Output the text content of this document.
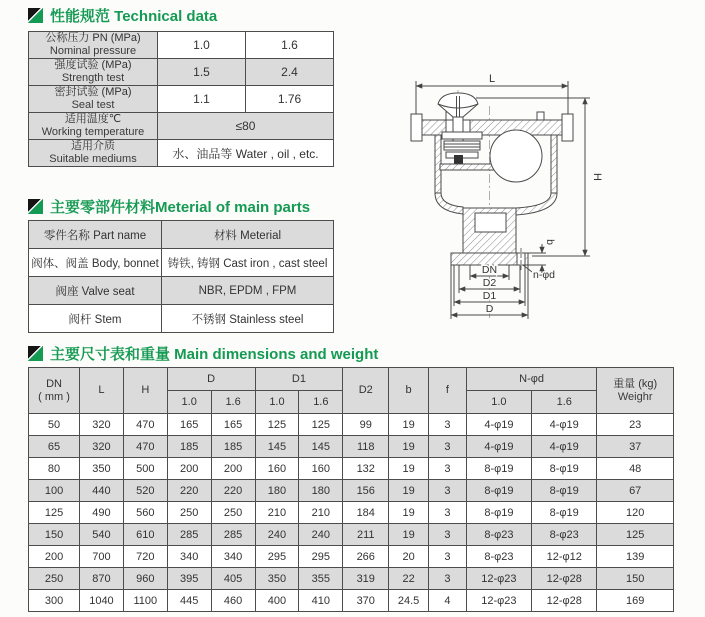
性能规范 Technical data
公称压力 PN (MPa)
Nominal pressure	1.0	1.6

强度试验 (MPa)
Strength test	1.5	2.4

密封试验 (MPa)
Seal test	1.1	1.76

适用温度℃
Working temperature	≤80	

适用介质
Suitable mediums	水、油品等 Water , oil , etc.	
主要零部件材料Meterial of main parts
零件名称 Part name	材料 Meterial
阀体、阀盖 Body, bonnet	铸铁, 铸钢 Cast iron , cast steel
阀座 Valve seat	NBR, EPDM , FPM
阀杆 Stem	不锈钢 Stainless steel
主要尺寸表和重量 Main dimensions and weight
DN
( mm )
	L	H	D	D1	D2	b	f	N-φd	重量 (kg)
Weighr

			1.0	1.6	1.0	1.6				1.0	1.6	
50	320	470	165	165	125	125	99	19	3	4-φ19	4-φ19	23
65	320	470	185	185	145	145	118	19	3	4-φ19	4-φ19	37
80	350	500	200	200	160	160	132	19	3	8-φ19	8-φ19	48
100	440	520	220	220	180	180	156	19	3	8-φ19	8-φ19	67
125	490	560	250	250	210	210	184	19	3	8-φ19	8-φ19	120
150	540	610	285	285	240	240	211	19	3	8-φ23	8-φ23	125
200	700	720	340	340	295	295	266	20	3	8-φ23	12-φ12	139
250	870	960	395	405	350	355	319	22	3	12-φ23	12-φ28	150
300	1040	1100	445	460	400	410	370	24.5	4	12-φ23	12-φ28	169
L
H
b
n-φd
DN
D2
D1
D
